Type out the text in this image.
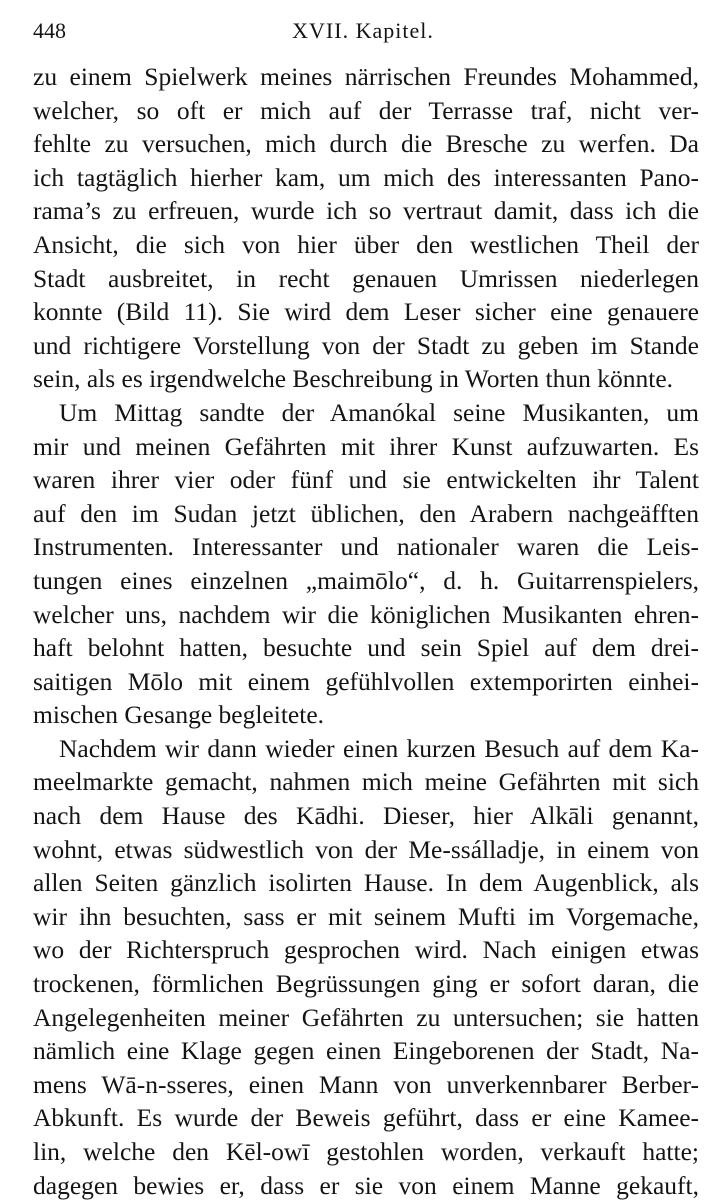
448	XVII. Kapitel.
zu einem Spielwerk meines närrischen Freundes Mohammed,
welcher, so oft er mich auf der Terrasse traf, nicht ver-
fehlte zu versuchen, mich durch die Bresche zu werfen. Da
ich tagtäglich hierher kam, um mich des interessanten Pano-
rama’s zu erfreuen, wurde ich so vertraut damit, dass ich die
Ansicht, die sich von hier über den westlichen Theil der
Stadt ausbreitet, in recht genauen Umrissen niederlegen
konnte (Bild 11). Sie wird dem Leser sicher eine genauere
und richtigere Vorstellung von der Stadt zu geben im Stande
sein, als es irgendwelche Beschreibung in Worten thun könnte.
Um Mittag sandte der Amanókal seine Musikanten, um
mir und meinen Gefährten mit ihrer Kunst aufzuwarten. Es
waren ihrer vier oder fünf und sie entwickelten ihr Talent
auf den im Sudan jetzt üblichen, den Arabern nachgeäfften
Instrumenten. Interessanter und nationaler waren die Leis-
tungen eines einzelnen „maimōlo“, d. h. Guitarrenspielers,
welcher uns, nachdem wir die königlichen Musikanten ehren-
haft belohnt hatten, besuchte und sein Spiel auf dem drei-
saitigen Mōlo mit einem gefühlvollen extemporirten einhei-
mischen Gesange begleitete.
Nachdem wir dann wieder einen kurzen Besuch auf dem Ka-
meelmarkte gemacht, nahmen mich meine Gefährten mit sich
nach dem Hause des Kādhi. Dieser, hier Alkāli genannt,
wohnt, etwas südwestlich von der Me-ssálladje, in einem von
allen Seiten gänzlich isolirten Hause. In dem Augenblick, als
wir ihn besuchten, sass er mit seinem Mufti im Vorgemache,
wo der Richterspruch gesprochen wird. Nach einigen etwas
trockenen, förmlichen Begrüssungen ging er sofort daran, die
Angelegenheiten meiner Gefährten zu untersuchen; sie hatten
nämlich eine Klage gegen einen Eingeborenen der Stadt, Na-
mens Wā-n-sseres, einen Mann von unverkennbarer Berber-
Abkunft. Es wurde der Beweis geführt, dass er eine Kamee-
lin, welche den Kēl-owī gestohlen worden, verkauft hatte;
dagegen bewies er, dass er sie von einem Manne gekauft,
